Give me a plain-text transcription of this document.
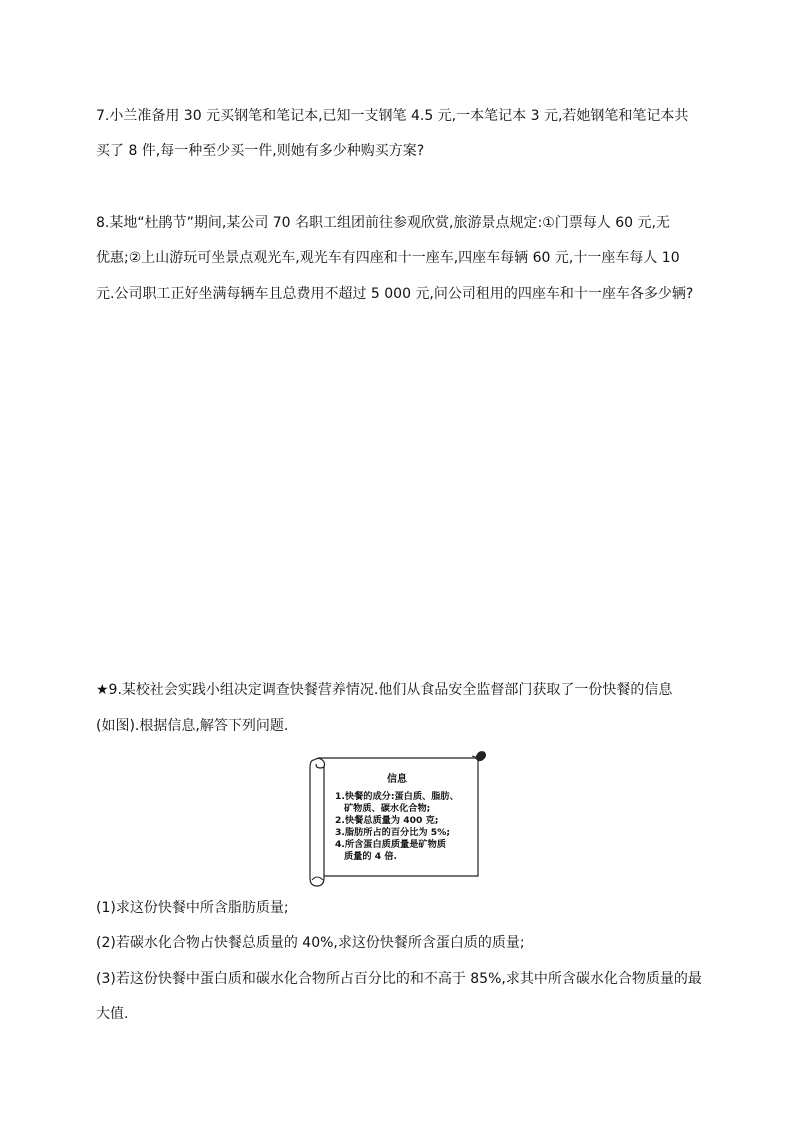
7.小兰准备用 30 元买钢笔和笔记本,已知一支钢笔 4.5 元,一本笔记本 3 元,若她钢笔和笔记本共
买了 8 件,每一种至少买一件,则她有多少种购买方案?
8.某地“杜鹃节”期间,某公司 70 名职工组团前往参观欣赏,旅游景点规定:①门票每人 60 元,无
优惠;②上山游玩可坐景点观光车,观光车有四座和十一座车,四座车每辆 60 元,十一座车每人 10
元.公司职工正好坐满每辆车且总费用不超过 5 000 元,问公司租用的四座车和十一座车各多少辆?
★9.某校社会实践小组决定调查快餐营养情况.他们从食品安全监督部门获取了一份快餐的信息
(如图).根据信息,解答下列问题.
信息
1.快餐的成分:蛋白质、脂肪、
矿物质、碳水化合物;
2.快餐总质量为 400 克;
3.脂肪所占的百分比为 5%;
4.所含蛋白质质量是矿物质
质量的 4 倍.
(1)求这份快餐中所含脂肪质量;
(2)若碳水化合物占快餐总质量的 40%,求这份快餐所含蛋白质的质量;
(3)若这份快餐中蛋白质和碳水化合物所占百分比的和不高于 85%,求其中所含碳水化合物质量的最
大值.
